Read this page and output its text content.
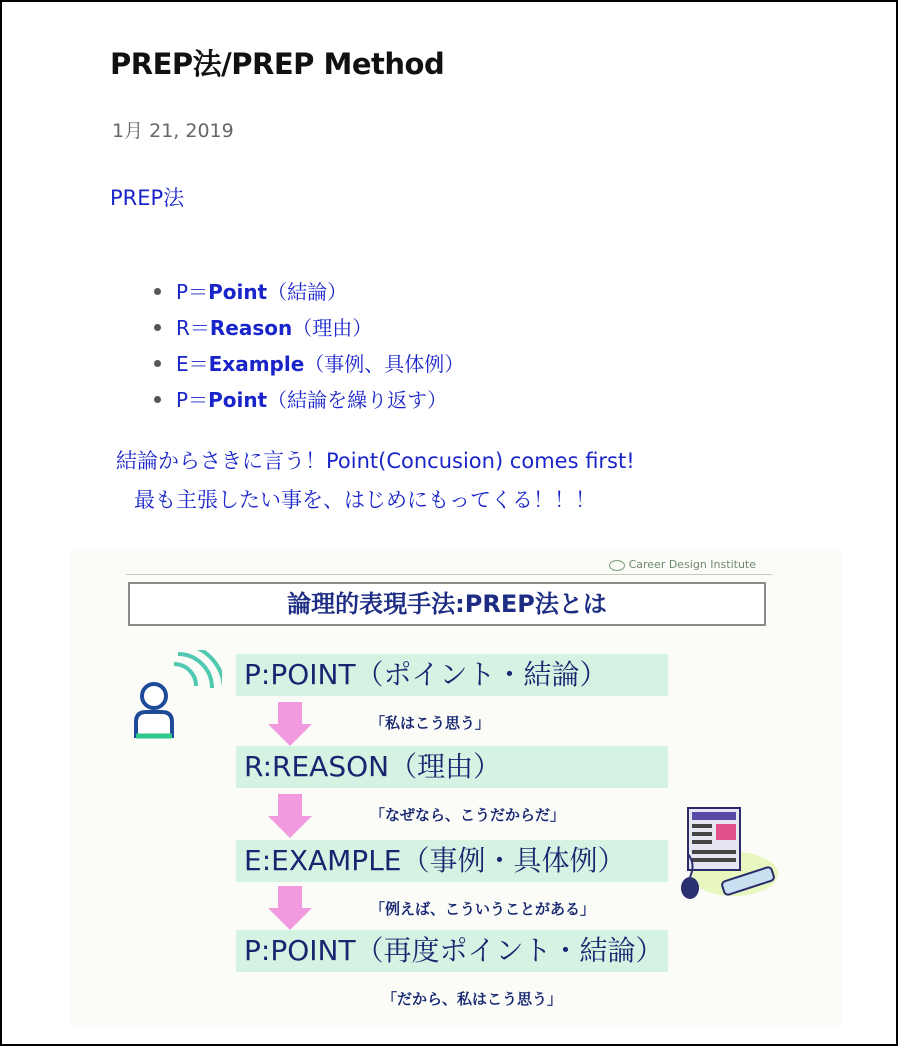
PREP法/PREP Method
1月 21, 2019
PREP法
P＝Point（結論）
R＝Reason（理由）
E＝Example（事例、具体例）
P＝Point（結論を繰り返す）
結論からさきに言う！Point(Concusion) comes first!
最も主張したい事を、はじめにもってくる！！！
Career Design Institute
論理的表現手法:PREP法とは
P:POINT（ポイント・結論）
「私はこう思う」
R:REASON（理由）
「なぜなら、こうだからだ」
E:EXAMPLE（事例・具体例）
「例えば、こういうことがある」
P:POINT（再度ポイント・結論）
「だから、私はこう思う」
